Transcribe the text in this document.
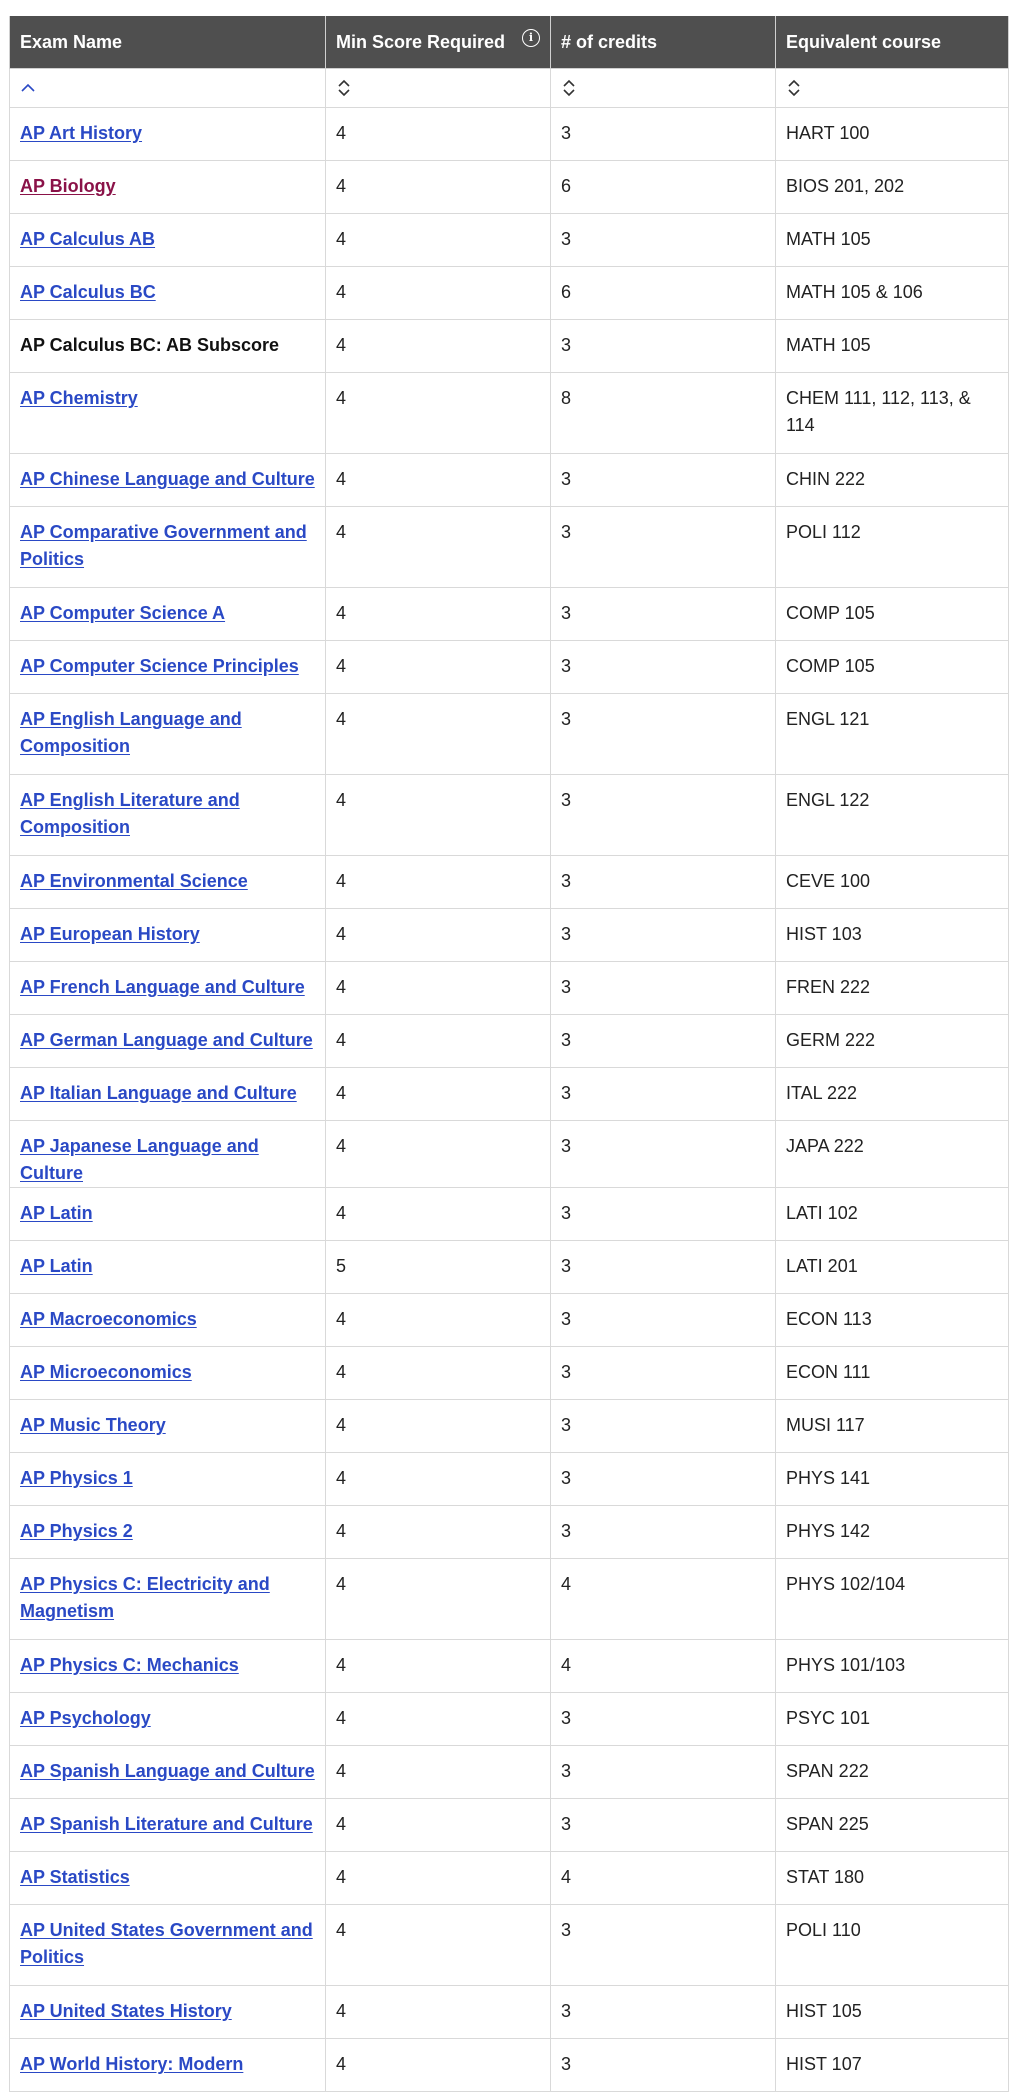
Exam Name	Min Score Required i	# of credits	Equivalent course

AP Art History	4	3	HART 100
AP Biology	4	6	BIOS 201, 202
AP Calculus AB	4	3	MATH 105
AP Calculus BC	4	6	MATH 105 & 106
AP Calculus BC: AB Subscore	4	3	MATH 105
AP Chemistry	4	8	CHEM 111, 112, 113, & 114
AP Chinese Language and Culture	4	3	CHIN 222
AP Comparative Government and Politics	4	3	POLI 112
AP Computer Science A	4	3	COMP 105
AP Computer Science Principles	4	3	COMP 105
AP English Language and Composition	4	3	ENGL 121
AP English Literature and Composition	4	3	ENGL 122
AP Environmental Science	4	3	CEVE 100
AP European History	4	3	HIST 103
AP French Language and Culture	4	3	FREN 222
AP German Language and Culture	4	3	GERM 222
AP Italian Language and Culture	4	3	ITAL 222
AP Japanese Language and Culture	4	3	JAPA 222
AP Latin	4	3	LATI 102
AP Latin	5	3	LATI 201
AP Macroeconomics	4	3	ECON 113
AP Microeconomics	4	3	ECON 111
AP Music Theory	4	3	MUSI 117
AP Physics 1	4	3	PHYS 141
AP Physics 2	4	3	PHYS 142
AP Physics C: Electricity and Magnetism	4	4	PHYS 102/104
AP Physics C: Mechanics	4	4	PHYS 101/103
AP Psychology	4	3	PSYC 101
AP Spanish Language and Culture	4	3	SPAN 222
AP Spanish Literature and Culture	4	3	SPAN 225
AP Statistics	4	4	STAT 180
AP United States Government and Politics	4	3	POLI 110
AP United States History	4	3	HIST 105
AP World History: Modern	4	3	HIST 107
